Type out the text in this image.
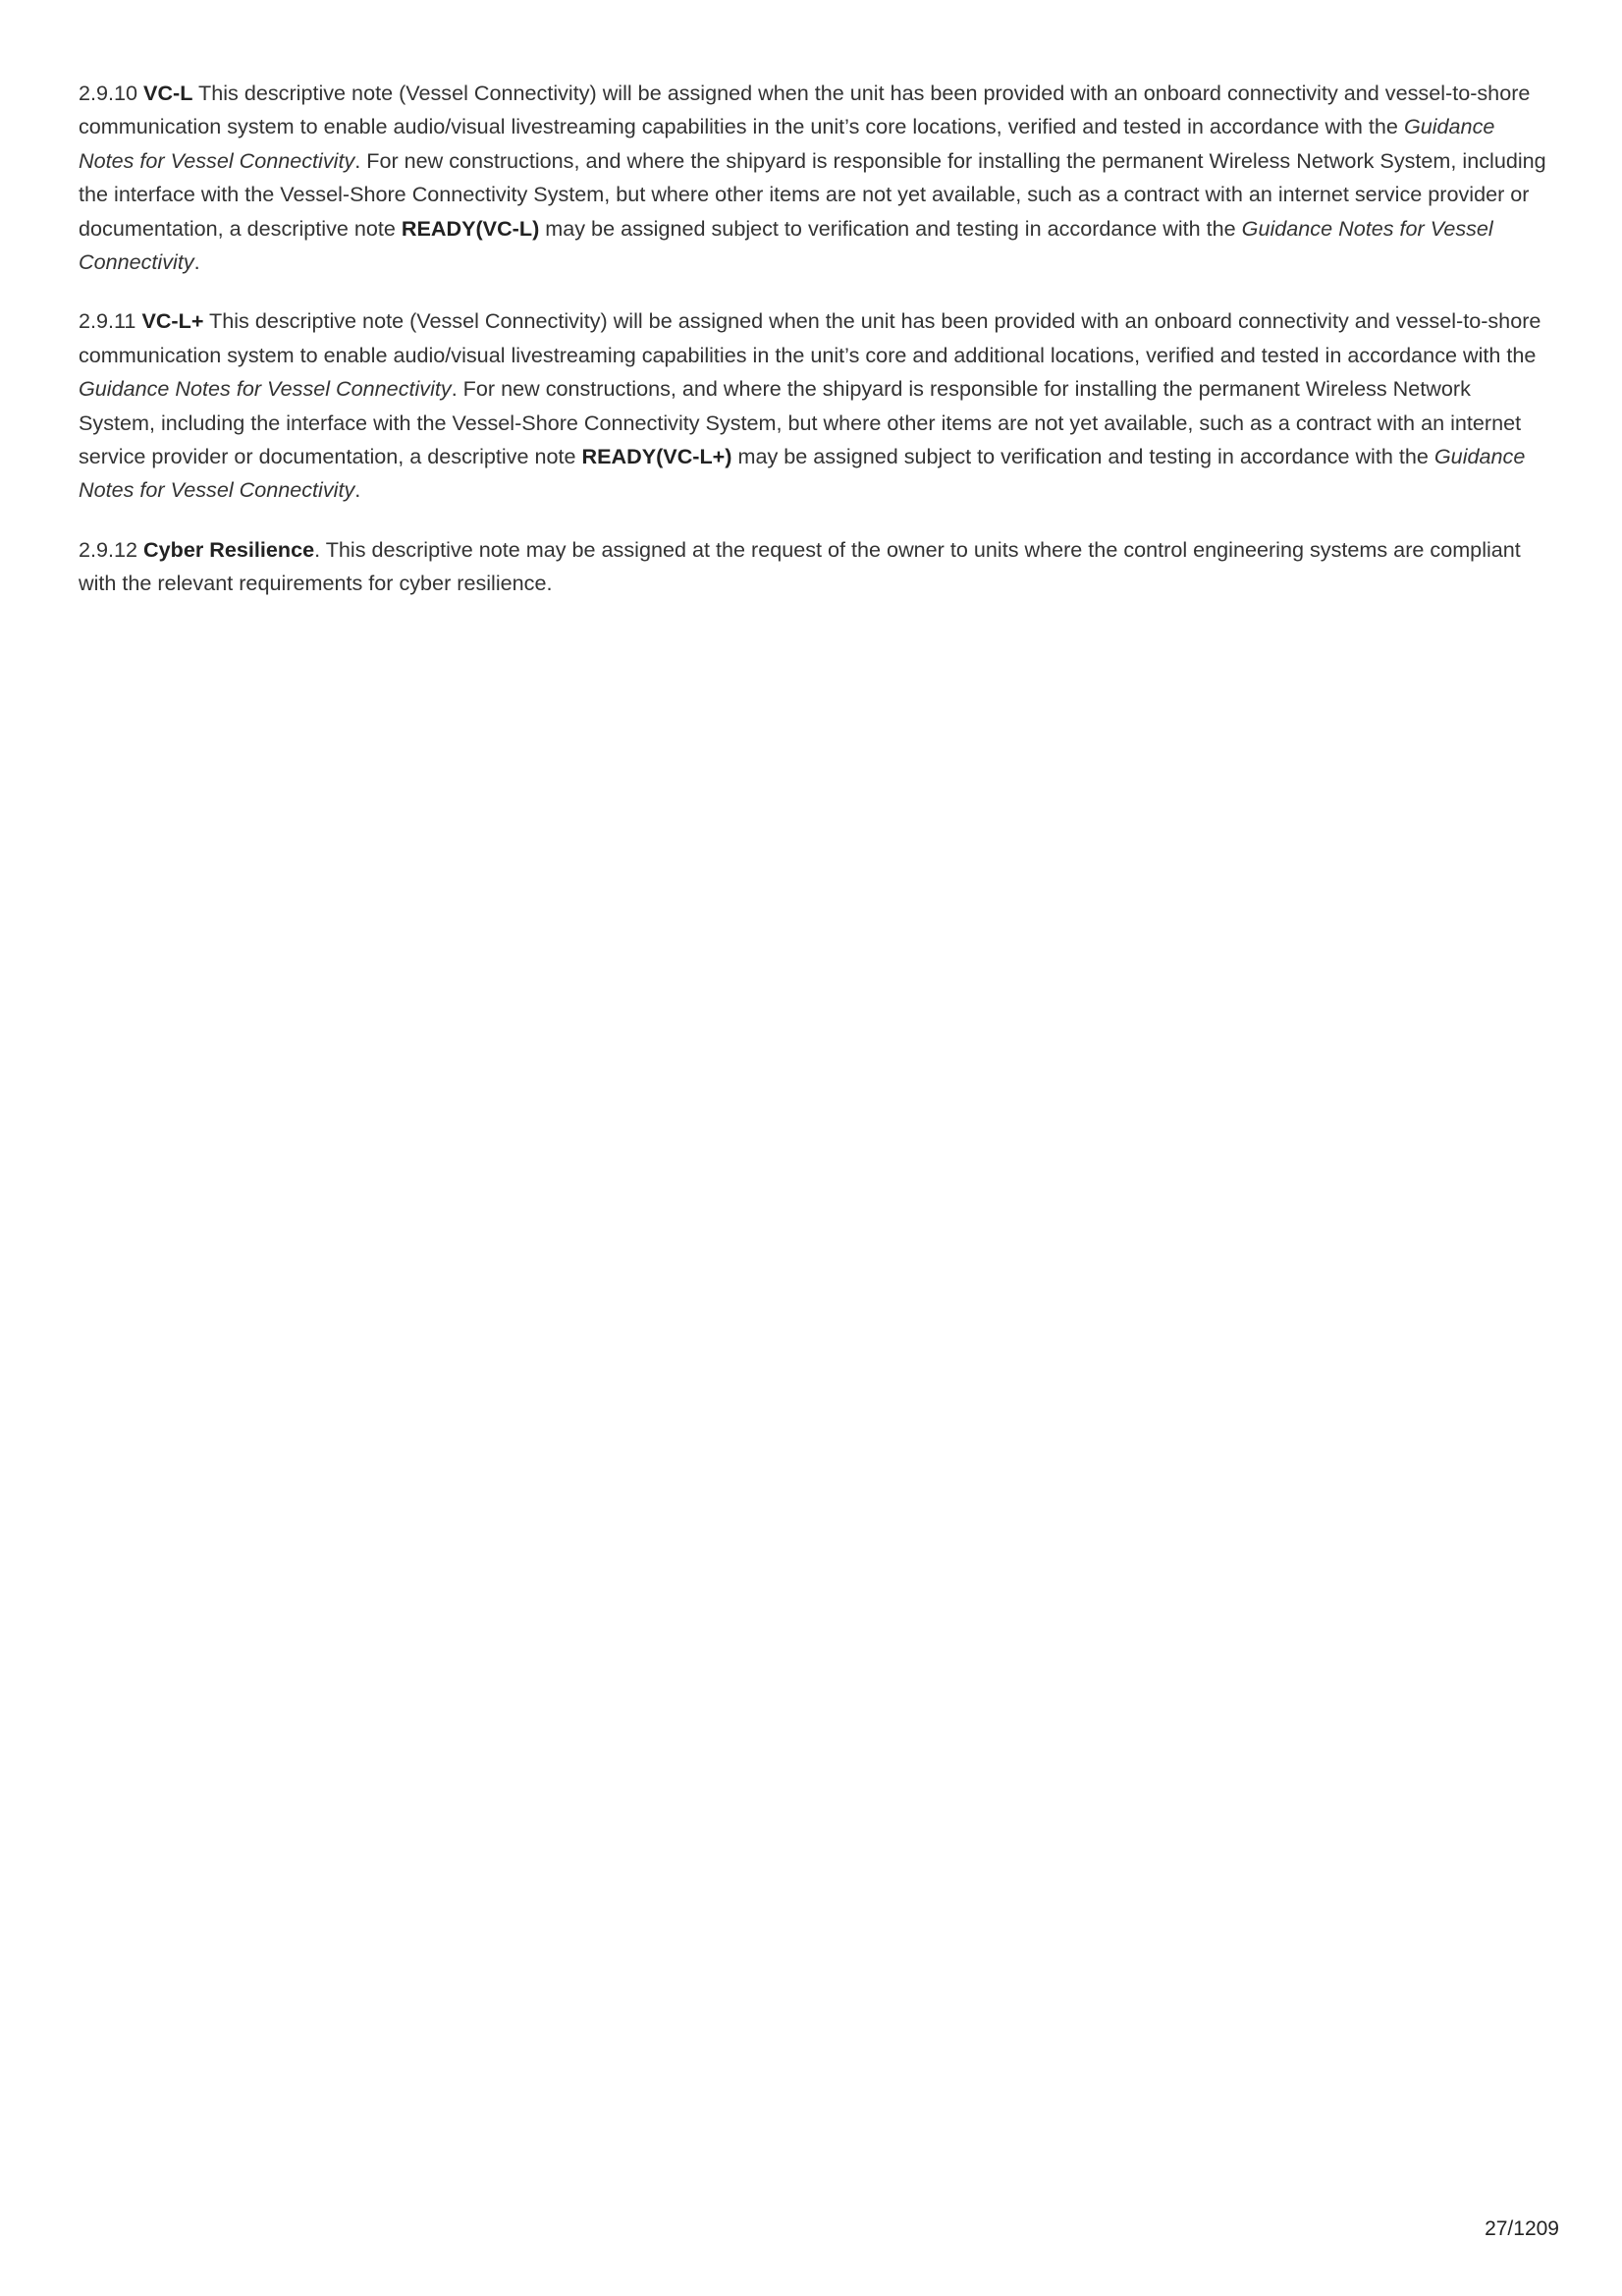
2.9.10 VC-L This descriptive note (Vessel Connectivity) will be assigned when the unit has been provided with an onboard connectivity and vessel-to-shore communication system to enable audio/visual livestreaming capabilities in the unit’s core locations, verified and tested in accordance with the Guidance Notes for Vessel Connectivity. For new constructions, and where the shipyard is responsible for installing the permanent Wireless Network System, including the interface with the Vessel-Shore Connectivity System, but where other items are not yet available, such as a contract with an internet service provider or documentation, a descriptive note READY(VC-L) may be assigned subject to verification and testing in accordance with the Guidance Notes for Vessel Connectivity.

2.9.11 VC-L+ This descriptive note (Vessel Connectivity) will be assigned when the unit has been provided with an onboard connectivity and vessel-to-shore communication system to enable audio/visual livestreaming capabilities in the unit’s core and additional locations, verified and tested in accordance with the Guidance Notes for Vessel Connectivity. For new constructions, and where the shipyard is responsible for installing the permanent Wireless Network System, including the interface with the Vessel-Shore Connectivity System, but where other items are not yet available, such as a contract with an internet service provider or documentation, a descriptive note READY(VC-L+) may be assigned subject to verification and testing in accordance with the Guidance Notes for Vessel Connectivity.

2.9.12 Cyber Resilience. This descriptive note may be assigned at the request of the owner to units where the control engineering systems are compliant with the relevant requirements for cyber resilience.

27/1209
